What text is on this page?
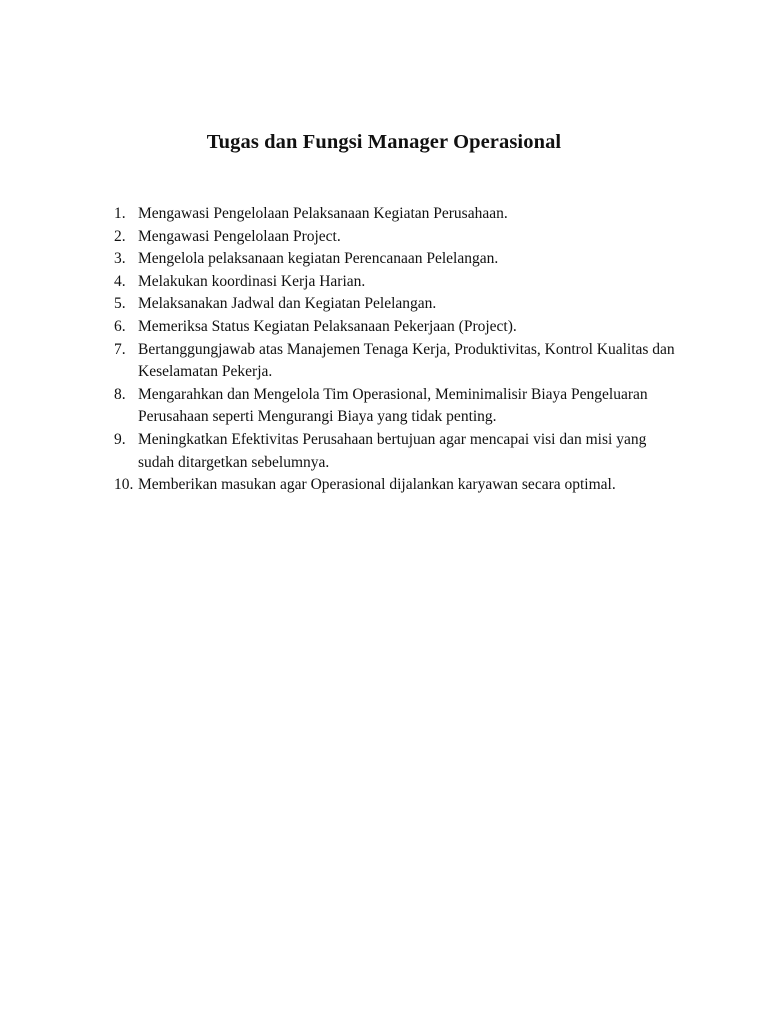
Tugas dan Fungsi Manager Operasional
1. Mengawasi Pengelolaan Pelaksanaan Kegiatan Perusahaan.
2. Mengawasi Pengelolaan Project.
3. Mengelola pelaksanaan kegiatan Perencanaan Pelelangan.
4. Melakukan koordinasi Kerja Harian.
5. Melaksanakan Jadwal dan Kegiatan Pelelangan.
6. Memeriksa Status Kegiatan Pelaksanaan Pekerjaan (Project).
7. Bertanggungjawab atas Manajemen Tenaga Kerja, Produktivitas, Kontrol Kualitas dan Keselamatan Pekerja.
8. Mengarahkan dan Mengelola Tim Operasional, Meminimalisir Biaya Pengeluaran Perusahaan seperti Mengurangi Biaya yang tidak penting.
9. Meningkatkan Efektivitas Perusahaan bertujuan agar mencapai visi dan misi yang sudah ditargetkan sebelumnya.
10. Memberikan masukan agar Operasional dijalankan karyawan secara optimal.
